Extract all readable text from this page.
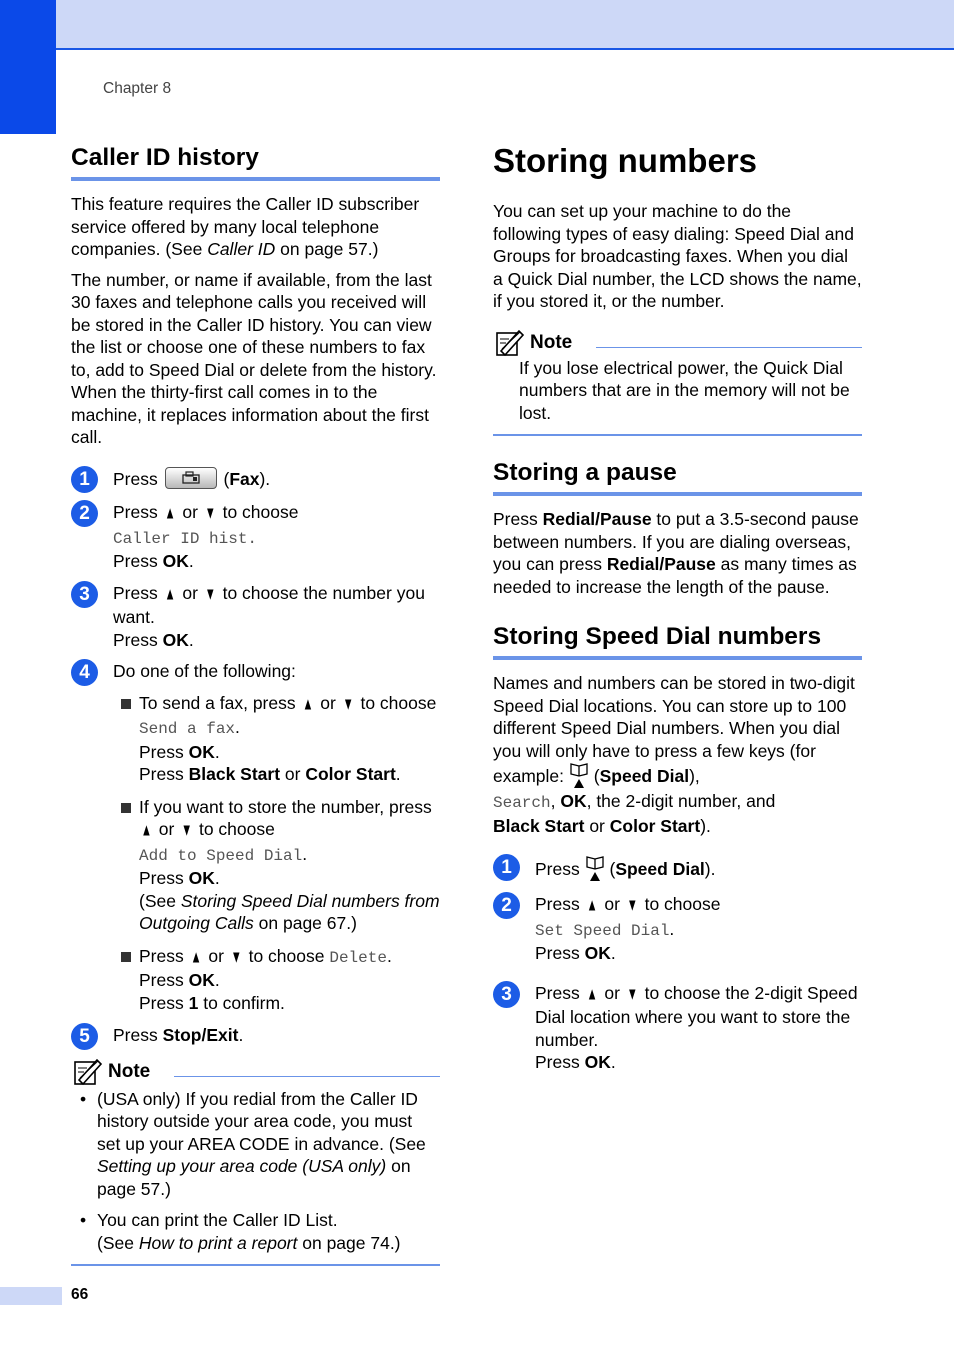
Chapter 8
Caller ID history

This feature requires the Caller ID subscriber service offered by many local telephone companies. (See Caller ID on page 57.)

The number, or name if available, from the last 30 faxes and telephone calls you received will be stored in the Caller ID history. You can view the list or choose one of these numbers to fax to, add to Speed Dial or delete from the history. When the thirty-first call comes in to the machine, it replaces information about the first call.

1	Press	(Fax).
2	Press ▲ or ▼ to choose
Caller ID hist.
Press OK.
3	Press ▲ or ▼ to choose the number you want.
Press OK.
4	Do one of the following:
To send a fax, press ▲ or ▼ to choose
Send a fax.
Press OK.
Press Black Start or Color Start.
If you want to store the number, press ▲ or ▼ to choose
Add to Speed Dial.
Press OK.
(See Storing Speed Dial numbers from Outgoing Calls on page 67.)
Press ▲ or ▼ to choose Delete.
Press OK.
Press 1 to confirm.
5	Press Stop/Exit.
Note
• (USA only) If you redial from the Caller ID history outside your area code, you must set up your AREA CODE in advance. (See Setting up your area code (USA only) on page 57.)
• You can print the Caller ID List.
(See How to print a report on page 74.)
Storing numbers

You can set up your machine to do the following types of easy dialing: Speed Dial and Groups for broadcasting faxes. When you dial a Quick Dial number, the LCD shows the name, if you stored it, or the number.

Note

If you lose electrical power, the Quick Dial numbers that are in the memory will not be lost.

Storing a pause

Press Redial/Pause to put a 3.5-second pause between numbers. If you are dialing overseas, you can press Redial/Pause as many times as needed to increase the length of the pause.

Storing Speed Dial numbers

Names and numbers can be stored in two-digit Speed Dial locations. You can store up to 100 different Speed Dial numbers. When you dial you will only have to press a few keys (for example:  (Speed Dial),
Search, OK, the 2-digit number, and
Black Start or Color Start).

1	Press  (Speed Dial).
2	Press ▲ or ▼ to choose
Set Speed Dial.
Press OK.
3	Press ▲ or ▼ to choose the 2-digit Speed Dial location where you want to store the number.
Press OK.
66
